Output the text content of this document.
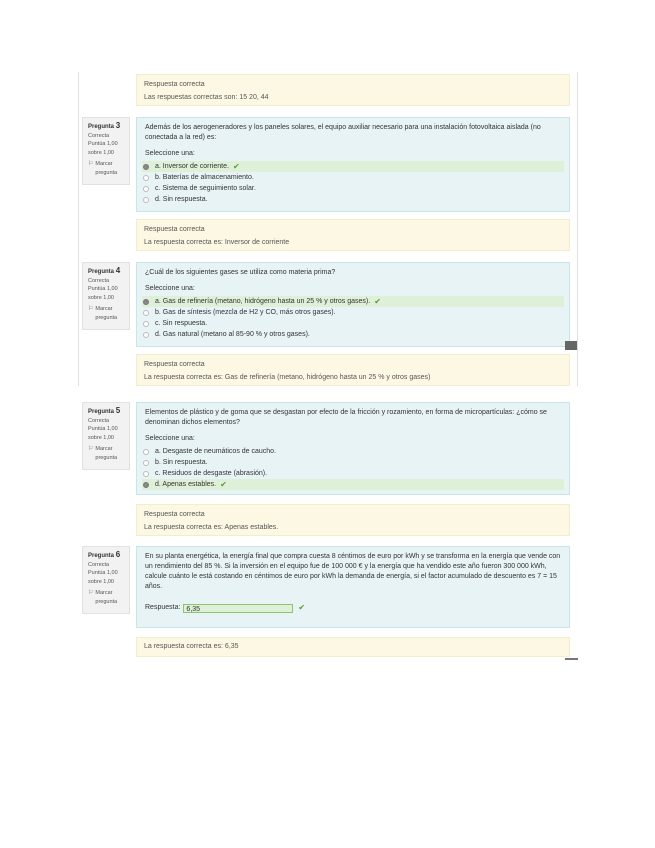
Respuesta correcta
Las respuestas correctas son: 15 20, 44
Pregunta 3
Correcta
Puntúa 1,00 sobre 1,00
⚐ Marcar pregunta
Además de los aerogeneradores y los paneles solares, el equipo auxiliar necesario para una instalación fotovoltaica aislada (no conectada a la red) es:
Seleccione una:
a. Inversor de corriente. ✔
b. Baterías de almacenamiento.
c. Sistema de seguimiento solar.
d. Sin respuesta.
Respuesta correcta
La respuesta correcta es: Inversor de corriente
Pregunta 4
Correcta
Puntúa 1,00 sobre 1,00
⚐ Marcar pregunta
¿Cuál de los siguientes gases se utiliza como materia prima?
Seleccione una:
a. Gas de refinería (metano, hidrógeno hasta un 25 % y otros gases). ✔
b. Gas de síntesis (mezcla de H2 y CO, más otros gases).
c. Sin respuesta.
d. Gas natural (metano al 85-90 % y otros gases).
Respuesta correcta
La respuesta correcta es: Gas de refinería (metano, hidrógeno hasta un 25 % y otros gases)
Pregunta 5
Correcta
Puntúa 1,00 sobre 1,00
⚐ Marcar pregunta
Elementos de plástico y de goma que se desgastan por efecto de la fricción y rozamiento, en forma de micropartículas: ¿cómo se denominan dichos elementos?
Seleccione una:
a. Desgaste de neumáticos de caucho.
b. Sin respuesta.
c. Residuos de desgaste (abrasión).
d. Apenas estables. ✔
Respuesta correcta
La respuesta correcta es: Apenas estables.
Pregunta 6
Correcta
Puntúa 1,00 sobre 1,00
⚐ Marcar pregunta
En su planta energética, la energía final que compra cuesta 8 céntimos de euro por kWh y se transforma en la energía que vende con un rendimiento del 85 %. Si la inversión en el equipo fue de 100 000 € y la energía que ha vendido este año fueron 300 000 kWh, calcule cuánto le está costando en céntimos de euro por kWh la demanda de energía, si el factor acumulado de descuento es 7 = 15 años.
Respuesta: 6,35	✔
La respuesta correcta es: 6,35
